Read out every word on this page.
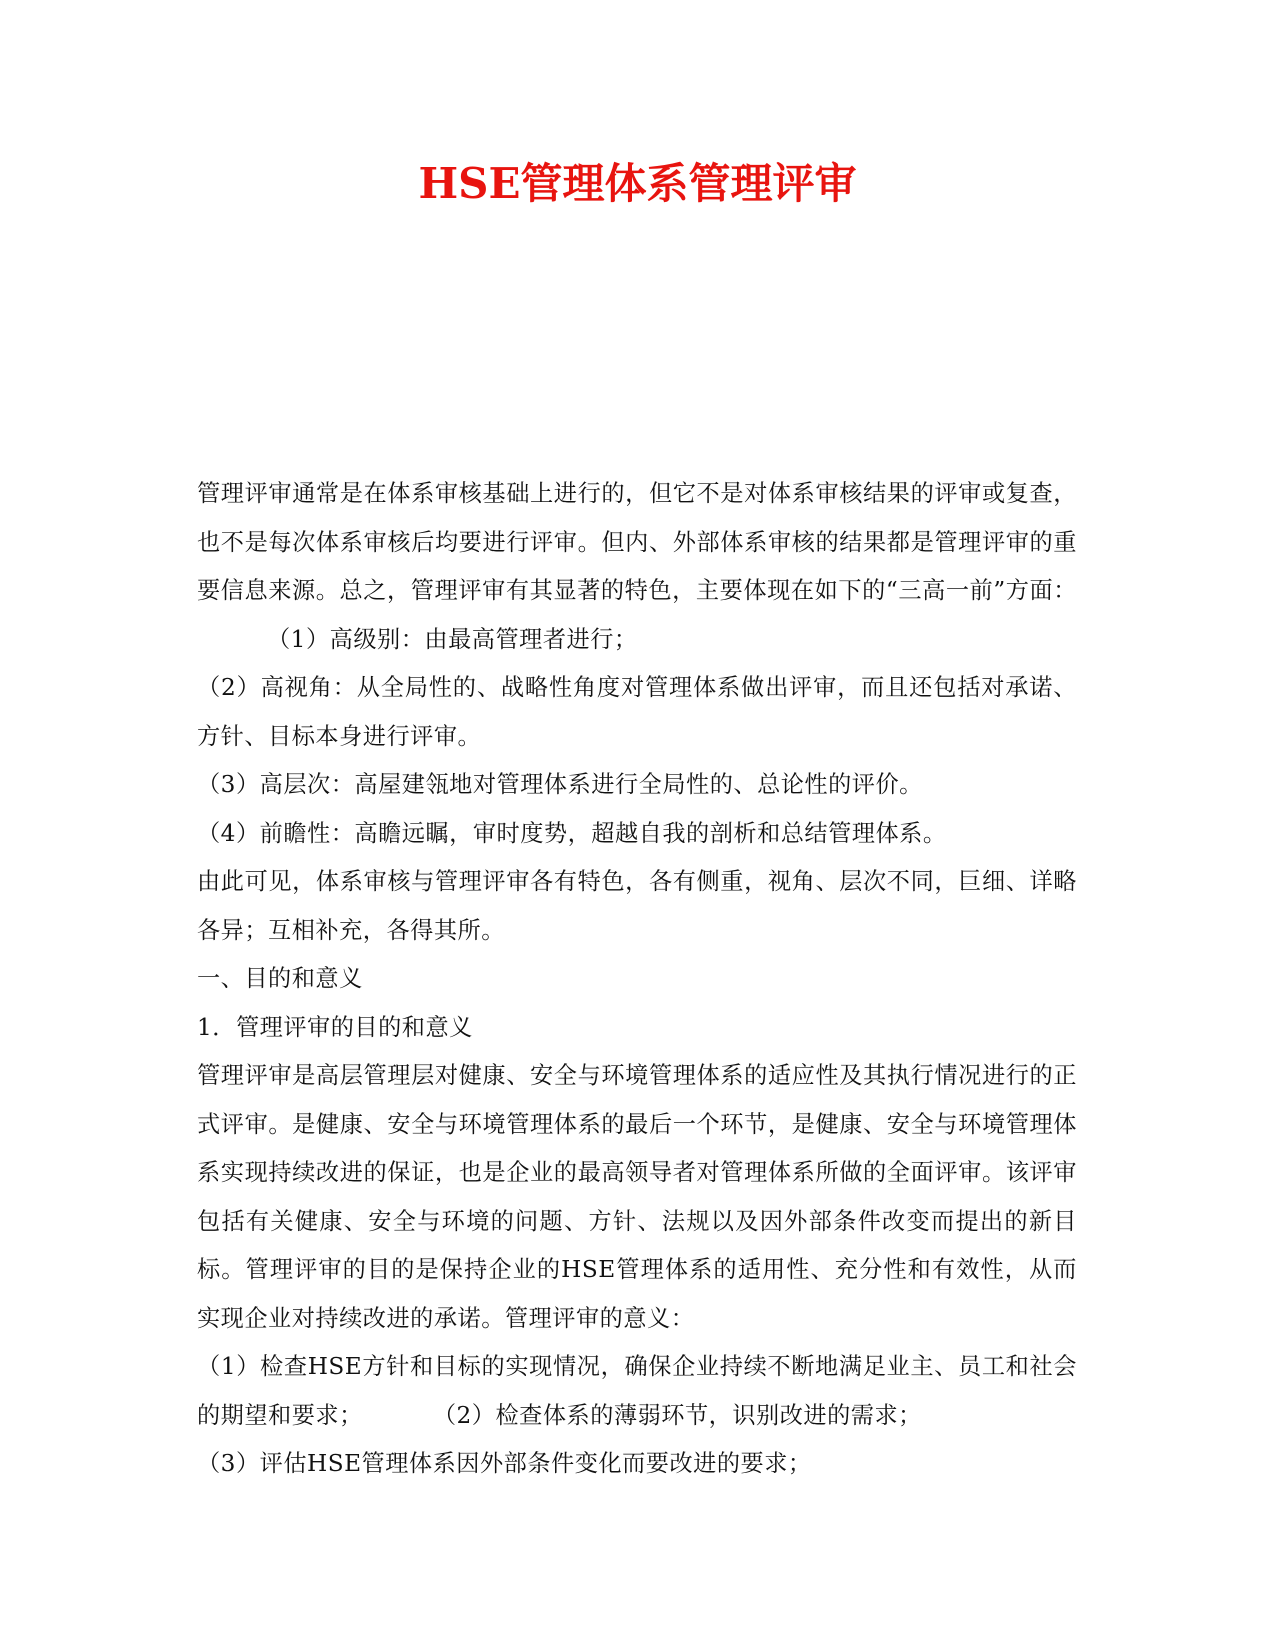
HSE管理体系管理评审

管理评审通常是在体系审核基础上进行的，但它不是对体系审核结果的评审或复查，也不是每次体系审核后均要进行评审。但内、外部体系审核的结果都是管理评审的重要信息来源。总之，管理评审有其显著的特色，主要体现在如下的“三高一前”方面：（1）高级别：由最高管理者进行；

（2）高视角：从全局性的、战略性角度对管理体系做出评审，而且还包括对承诺、方针、目标本身进行评审。

（3）高层次：高屋建瓴地对管理体系进行全局性的、总论性的评价。

（4）前瞻性：高瞻远瞩，审时度势，超越自我的剖析和总结管理体系。

由此可见，体系审核与管理评审各有特色，各有侧重，视角、层次不同，巨细、详略各异；互相补充，各得其所。

一、目的和意义

1．管理评审的目的和意义

管理评审是高层管理层对健康、安全与环境管理体系的适应性及其执行情况进行的正式评审。是健康、安全与环境管理体系的最后一个环节，是健康、安全与环境管理体系实现持续改进的保证，也是企业的最高领导者对管理体系所做的全面评审。该评审包括有关健康、安全与环境的问题、方针、法规以及因外部条件改变而提出的新目标。管理评审的目的是保持企业的HSE管理体系的适用性、充分性和有效性，从而实现企业对持续改进的承诺。管理评审的意义：

（1）检查HSE方针和目标的实现情况，确保企业持续不断地满足业主、员工和社会的期望和要求；	（2）检查体系的薄弱环节，识别改进的需求；

（3）评估HSE管理体系因外部条件变化而要改进的要求；
